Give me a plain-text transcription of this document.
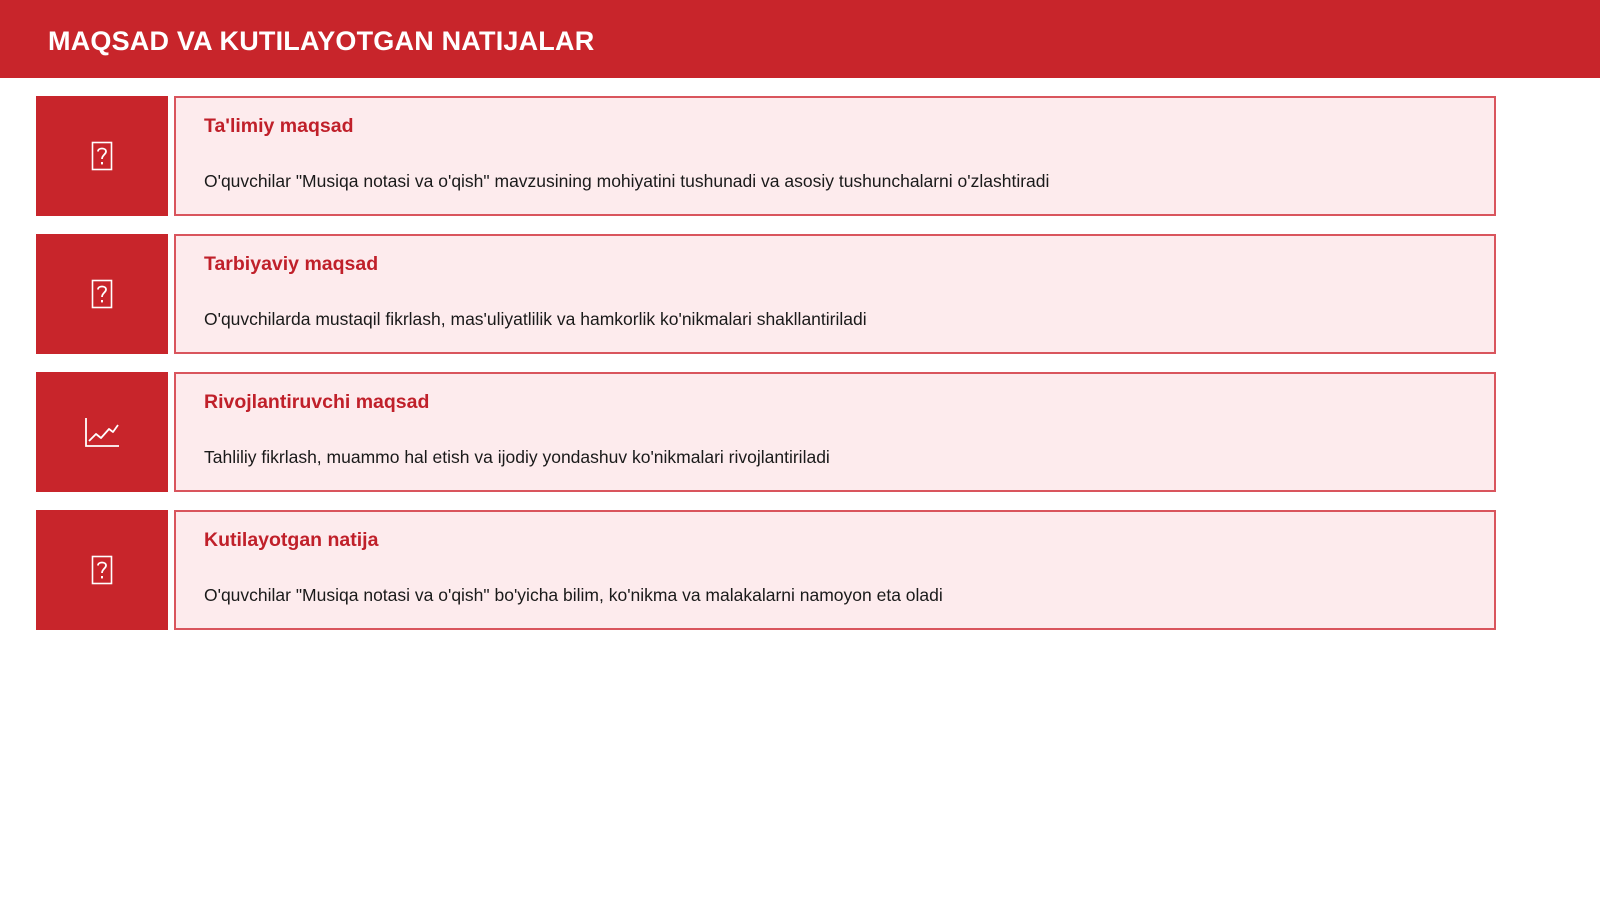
MAQSAD VA KUTILAYOTGAN NATIJALAR
Ta'limiy maqsad

O'quvchilar "Musiqa notasi va o'qish" mavzusining mohiyatini tushunadi va asosiy tushunchalarni o'zlashtiradi

Tarbiyaviy maqsad

O'quvchilarda mustaqil fikrlash, mas'uliyatlilik va hamkorlik ko'nikmalari shakllantiriladi

Rivojlantiruvchi maqsad

Tahliliy fikrlash, muammo hal etish va ijodiy yondashuv ko'nikmalari rivojlantiriladi

Kutilayotgan natija

O'quvchilar "Musiqa notasi va o'qish" bo'yicha bilim, ko'nikma va malakalarni namoyon eta oladi
